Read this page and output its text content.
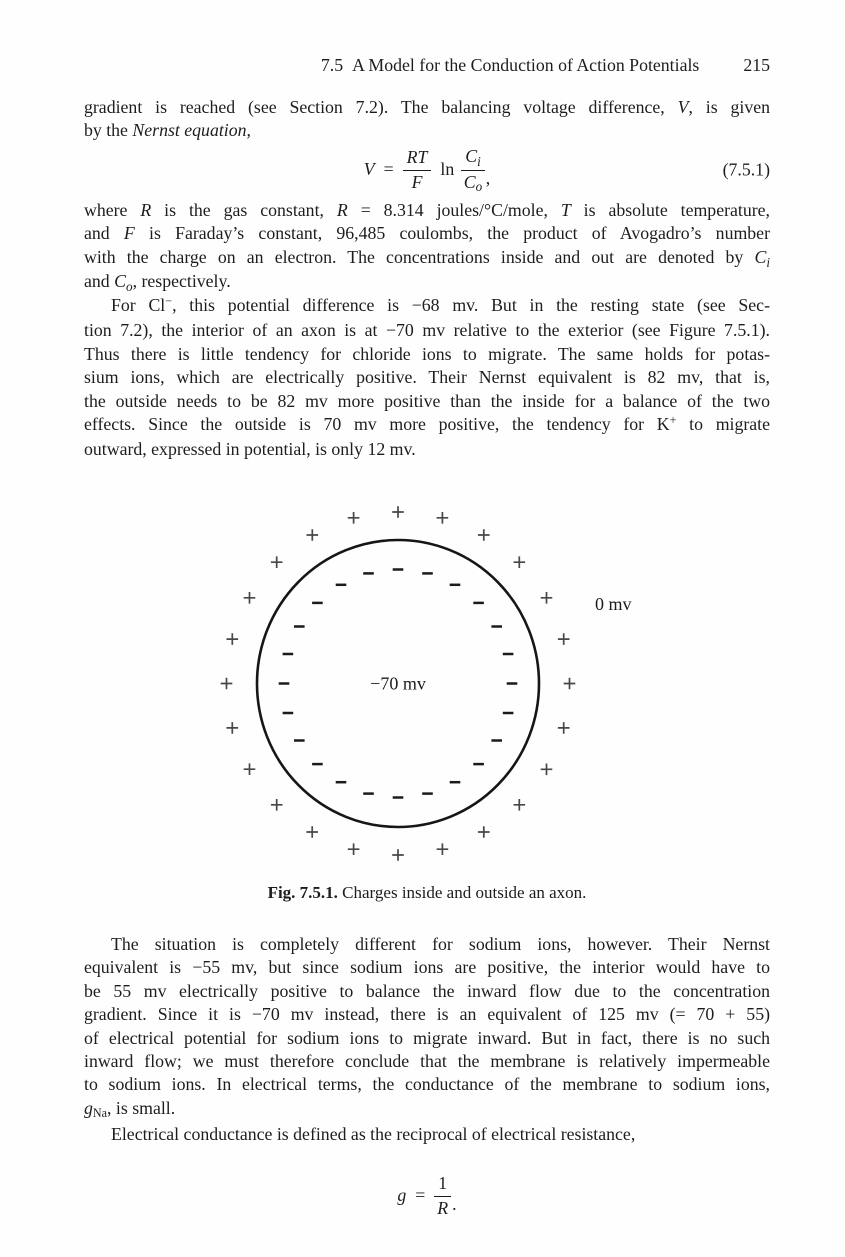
7.5 A Model for the Conduction of Action Potentials 215
gradient is reached (see Section 7.2). The balancing voltage difference, V, is given
by the Nernst equation,
$V = \frac{RT}{F}$ $\ln \frac{C_i}{C_o}$ ,	(7.5.1)
where R is the gas constant, R = 8.314 joules/°C/mole, T is absolute temperature,
and F is Faraday’s constant, 96,485 coulombs, the product of Avogadro’s number
with the charge on an electron. The concentrations inside and out are denoted by $C_i$
and $C_o$, respectively.
For Cl−, this potential difference is −68 mv. But in the resting state (see Sec-
tion 7.2), the interior of an axon is at −70 mv relative to the exterior (see Figure 7.5.1).
Thus there is little tendency for chloride ions to migrate. The same holds for potas-
sium ions, which are electrically positive. Their Nernst equivalent is 82 mv, that is,
the outside needs to be 82 mv more positive than the inside for a balance of the two
effects. Since the outside is 70 mv more positive, the tendency for K+ to migrate
outward, expressed in potential, is only 12 mv.
−70 mv
0 mv
Fig. 7.5.1. Charges inside and outside an axon.
The situation is completely different for sodium ions, however. Their Nernst
equivalent is −55 mv, but since sodium ions are positive, the interior would have to
be 55 mv electrically positive to balance the inward flow due to the concentration
gradient. Since it is −70 mv instead, there is an equivalent of 125 mv (= 70 + 55)
of electrical potential for sodium ions to migrate inward. But in fact, there is no such
inward flow; we must therefore conclude that the membrane is relatively impermeable
to sodium ions. In electrical terms, the conductance of the membrane to sodium ions,
gNa, is small.
Electrical conductance is defined as the reciprocal of electrical resistance,
$g = \frac{1}{R}$ .
